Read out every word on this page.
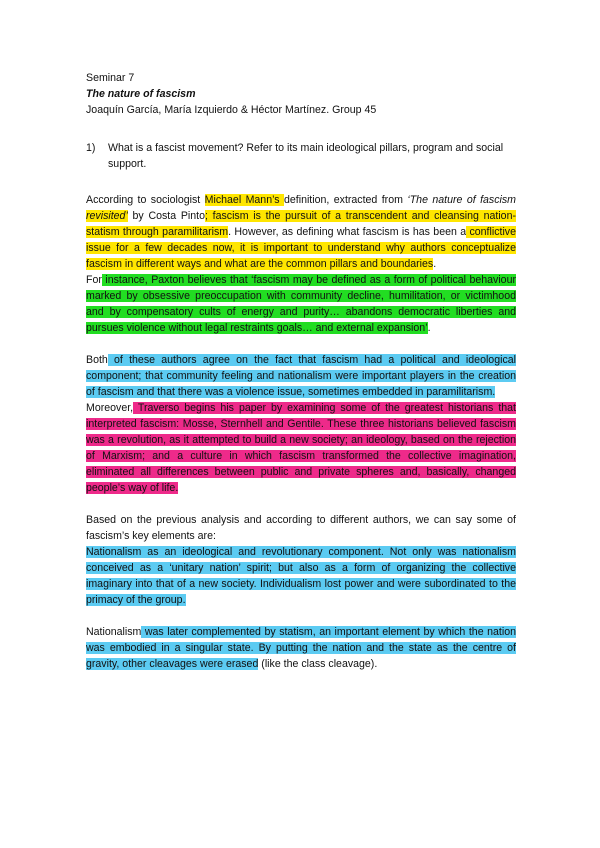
Seminar 7

The nature of fascism

Joaquín García, María Izquierdo & Héctor Martínez. Group 45

1)	What is a fascist movement? Refer to its main ideological pillars, program and social support.

According to sociologist Michael Mann’s definition, extracted from ‘The nature of fascism revisited’ by Costa Pinto; fascism is the pursuit of a transcendent and cleansing nation-statism through paramilitarism. However, as defining what fascism is has been a conflictive issue for a few decades now, it is important to understand why authors conceptualize fascism in different ways and what are the common pillars and boundaries.

For instance, Paxton believes that ‘fascism may be defined as a form of political behaviour marked by obsessive preoccupation with community decline, humilitation, or victimhood and by compensatory cults of energy and purity… abandons democratic liberties and pursues violence without legal restraints goals… and external expansion’.

Both of these authors agree on the fact that fascism had a political and ideological component; that community feeling and nationalism were important players in the creation of fascism and that there was a violence issue, sometimes embedded in paramilitarism.

Moreover, Traverso begins his paper by examining some of the greatest historians that interpreted fascism: Mosse, Sternhell and Gentile. These three historians believed fascism was a revolution, as it attempted to build a new society; an ideology, based on the rejection of Marxism; and a culture in which fascism transformed the collective imagination, eliminated all differences between public and private spheres and, basically, changed people’s way of life.

Based on the previous analysis and according to different authors, we can say some of fascism’s key elements are:
Nationalism as an ideological and revolutionary component. Not only was nationalism conceived as a ‘unitary nation’ spirit; but also as a form of organizing the collective imaginary into that of a new society. Individualism lost power and were subordinated to the primacy of the group.

Nationalism was later complemented by statism, an important element by which the nation was embodied in a singular state. By putting the nation and the state as the centre of gravity, other cleavages were erased (like the class cleavage).
